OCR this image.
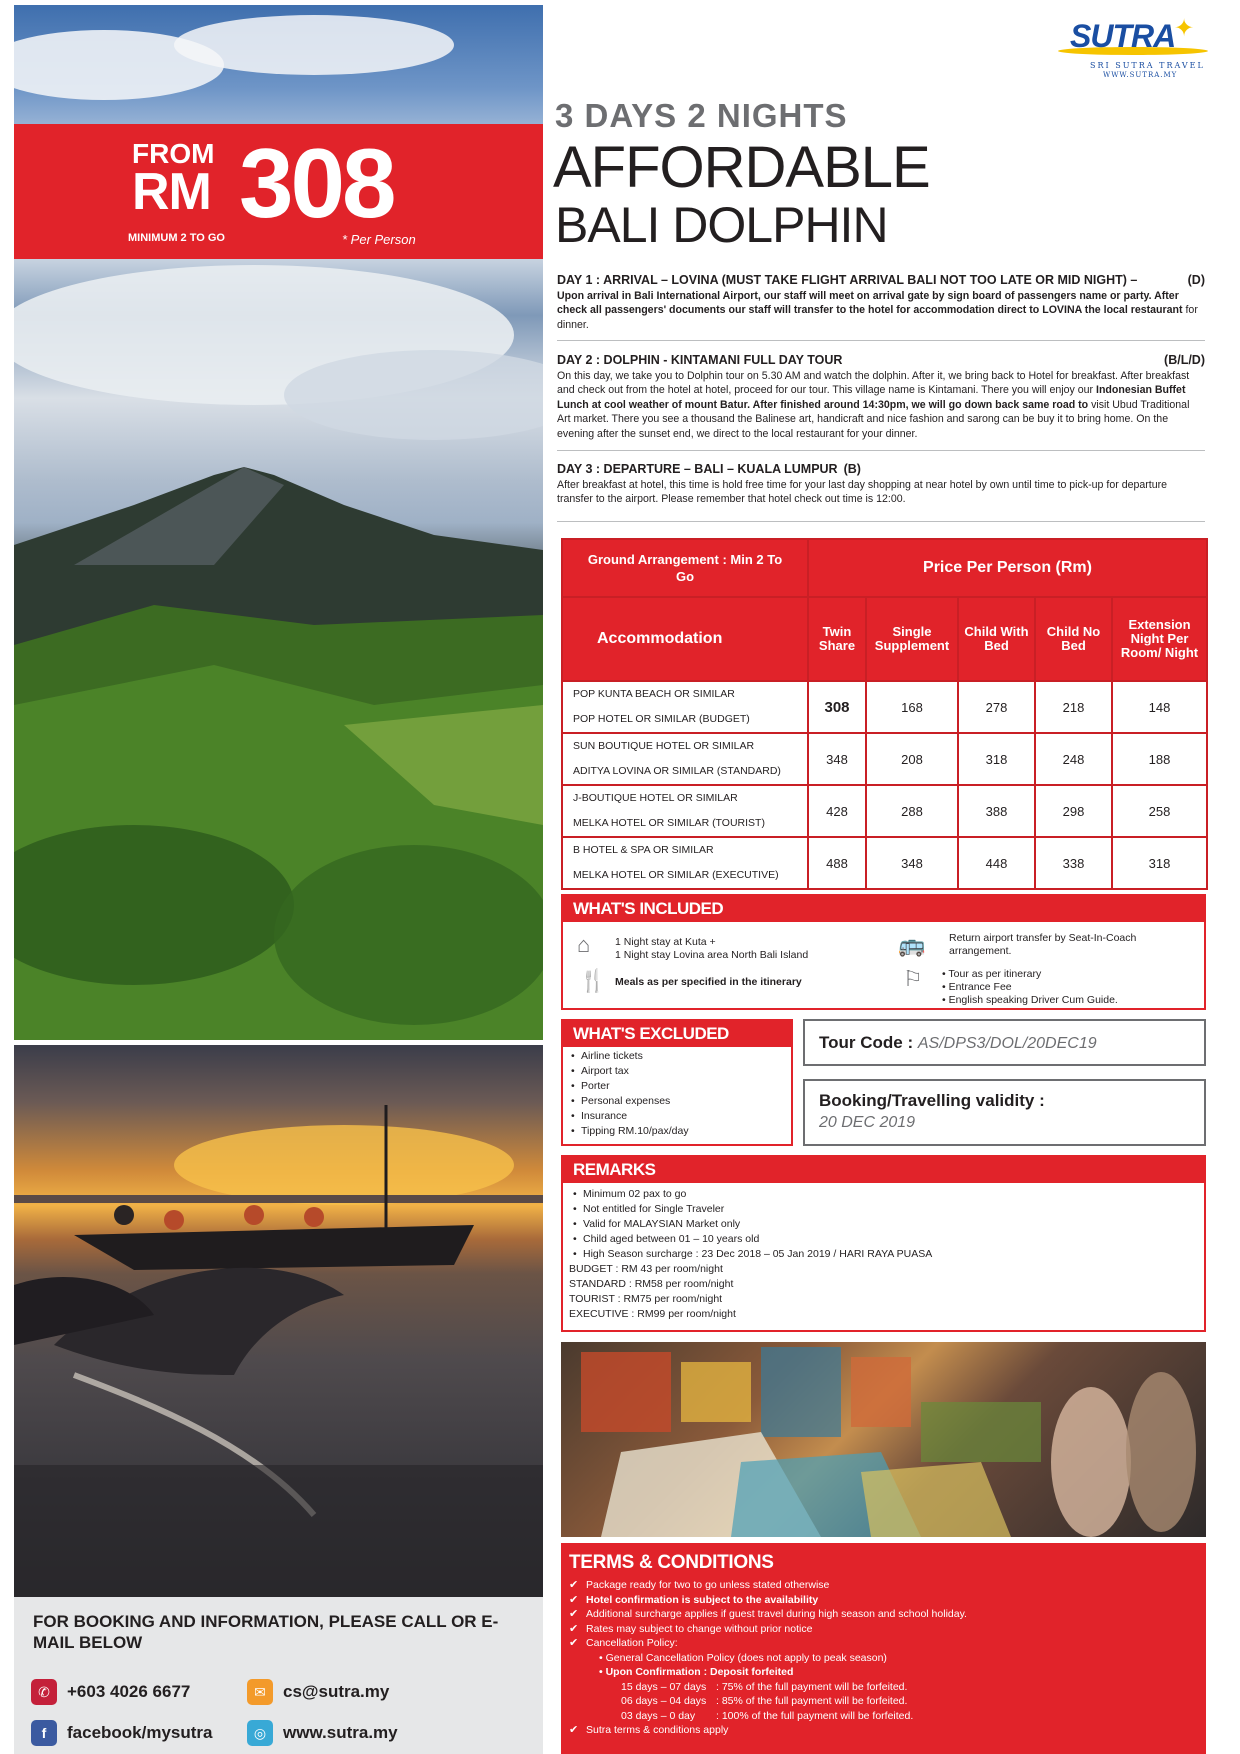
FROM
RM 308
MINIMUM 2 TO GO	* Per Person
FOR BOOKING AND INFORMATION, PLEASE CALL OR E-MAIL BELOW
✆	+603 4026 6677	✉	cs@sutra.my
f	facebook/mysutra	◎ www.sutra.my
SUTRA
✦
SRI SUTRA TRAVEL
WWW.SUTRA.MY
3 DAYS 2 NIGHTS
AFFORDABLE
BALI DOLPHIN
DAY 1 : ARRIVAL – LOVINA (MUST TAKE FLIGHT ARRIVAL BALI NOT TOO LATE OR MID NIGHT) –	(D)
Upon arrival in Bali International Airport, our staff will meet on arrival gate by sign board of passengers name or party. After check all passengers' documents our staff will transfer to the hotel for accommodation direct to LOVINA the local restaurant for dinner.
DAY 2 : DOLPHIN - KINTAMANI FULL DAY TOUR	(B/L/D)
On this day, we take you to Dolphin tour on 5.30 AM and watch the dolphin. After it, we bring back to Hotel for breakfast. After breakfast and check out from the hotel at hotel, proceed for our tour. This village name is Kintamani. There you will enjoy our Indonesian Buffet Lunch at cool weather of mount Batur. After finished around 14:30pm, we will go down back same road to visit Ubud Traditional Art market. There you see a thousand the Balinese art, handicraft and nice fashion and sarong can be buy it to bring home. On the evening after the sunset end, we direct to the local restaurant for your dinner.
DAY 3 : DEPARTURE – BALI – KUALA LUMPUR (B)
After breakfast at hotel, this time is hold free time for your last day shopping at near hotel by own until time to pick-up for departure transfer to the airport. Please remember that hotel check out time is 12:00.
Ground Arrangement : Min 2 To Go	Price Per Person (Rm)				
Accommodation	Twin Share	Single Supplement	Child With Bed	Child No Bed	Extension Night Per Room/ Night

POP KUNTA BEACH OR SIMILAR
POP HOTEL OR SIMILAR (BUDGET)	308	168	278	218	148

SUN BOUTIQUE HOTEL OR SIMILAR
ADITYA LOVINA OR SIMILAR (STANDARD)	348	208	318	248	188

J-BOUTIQUE HOTEL OR SIMILAR
MELKA HOTEL OR SIMILAR (TOURIST)	428	288	388	298	258

B HOTEL & SPA OR SIMILAR
MELKA HOTEL OR SIMILAR (EXECUTIVE)	488	348	448	338	318
WHAT'S INCLUDED
⌂ 1 Night stay at Kuta +
1 Night stay Lovina area North Bali Island
🍴 Meals as per specified in the itinerary
🚌 Return airport transfer by Seat-In-Coach arrangement.
⚐ • Tour as per itinerary
• Entrance Fee
• English speaking Driver Cum Guide.
WHAT'S EXCLUDED
• Airline tickets
• Airport tax
• Porter
• Personal expenses
• Insurance
• Tipping RM.10/pax/day
Tour Code : AS/DPS3/DOL/20DEC19
Booking/Travelling validity :
20 DEC 2019
REMARKS
• Minimum 02 pax to go
• Not entitled for Single Traveler
• Valid for MALAYSIAN Market only
• Child aged between 01 – 10 years old
• High Season surcharge : 23 Dec 2018 – 05 Jan 2019 / HARI RAYA PUASA
BUDGET : RM 43 per room/night
STANDARD : RM58 per room/night
TOURIST : RM75 per room/night
EXECUTIVE : RM99 per room/night
TERMS & CONDITIONS
✔ Package ready for two to go unless stated otherwise
✔ Hotel confirmation is subject to the availability
✔ Additional surcharge applies if guest travel during high season and school holiday.
✔ Rates may subject to change without prior notice
✔ Cancellation Policy:
• General Cancellation Policy (does not apply to peak season)
• Upon Confirmation : Deposit forfeited
15 days – 07 days : 75% of the full payment will be forfeited.
06 days – 04 days : 85% of the full payment will be forfeited.
03 days – 0 day	: 100% of the full payment will be forfeited.
✔ Sutra terms & conditions apply
